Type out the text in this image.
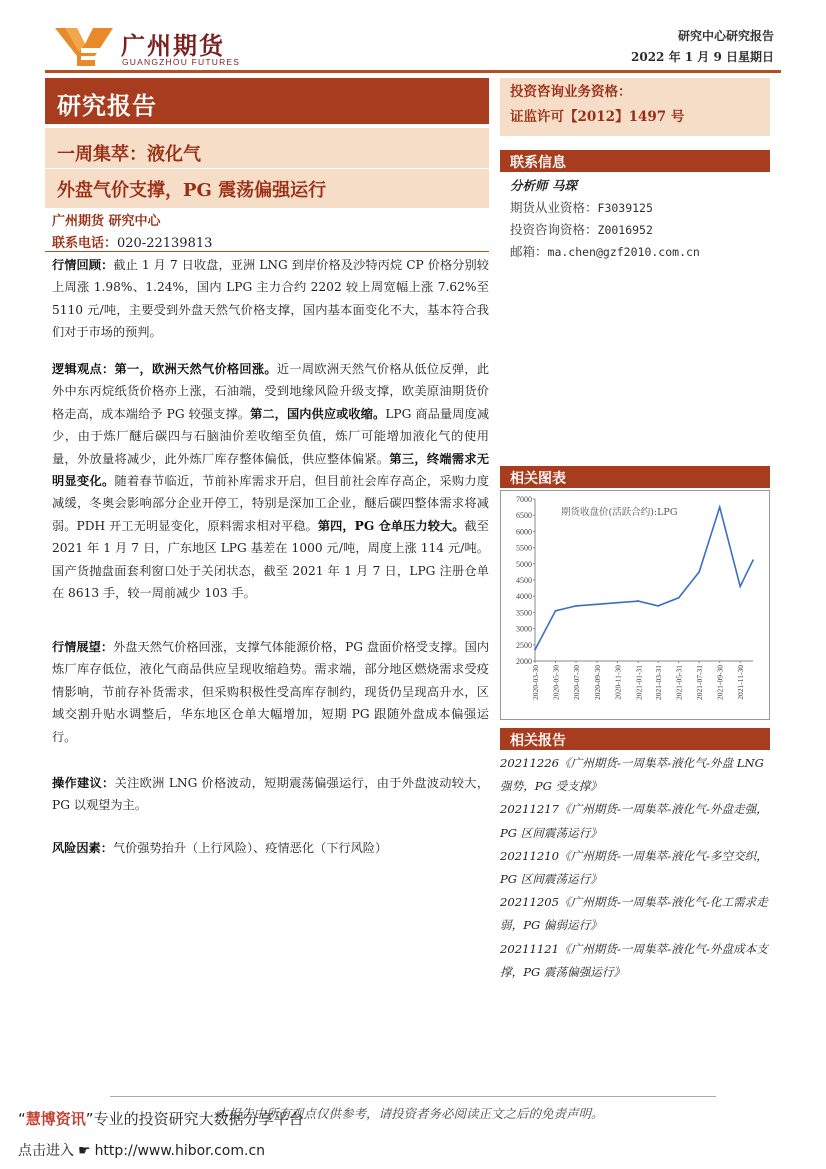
广州期货
GUANGZHOU FUTURES
研究中心研究报告
2022 年 1 月 9 日星期日
研究报告
一周集萃：液化气
外盘气价支撑，PG 震荡偏强运行
广州期货 研究中心
联系电话：020-22139813
行情回顾：截止 1 月 7 日收盘，亚洲 LNG 到岸价格及沙特丙烷 CP 价格分别较上周涨 1.98%、1.24%，国内 LPG 主力合约 2202 较上周宽幅上涨 7.62%至 5110 元/吨，主要受到外盘天然气价格支撑，国内基本面变化不大，基本符合我们对于市场的预判。
逻辑观点：第一，欧洲天然气价格回涨。近一周欧洲天然气价格从低位反弹，此外中东丙烷纸货价格亦上涨，石油端，受到地缘风险升级支撑，欧美原油期货价格走高，成本端给予 PG 较强支撑。第二，国内供应或收缩。LPG 商品量周度减少，由于炼厂醚后碳四与石脑油价差收缩至负值，炼厂可能增加液化气的使用量，外放量将减少，此外炼厂库存整体偏低，供应整体偏紧。第三，终端需求无明显变化。随着春节临近，节前补库需求开启，但目前社会库存高企，采购力度减缓，冬奥会影响部分企业开停工，特别是深加工企业，醚后碳四整体需求将减弱。PDH 开工无明显变化，原料需求相对平稳。第四，PG 仓单压力较大。截至 2021 年 1 月 7 日，广东地区 LPG 基差在 1000 元/吨，周度上涨 114 元/吨。国产货抛盘面套利窗口处于关闭状态，截至 2021 年 1 月 7 日，LPG 注册仓单在 8613 手，较一周前减少 103 手。
行情展望：外盘天然气价格回涨，支撑气体能源价格，PG 盘面价格受支撑。国内炼厂库存低位，液化气商品供应呈现收缩趋势。需求端，部分地区燃烧需求受疫情影响，节前存补货需求，但采购积极性受高库存制约，现货仍呈现高升水，区域交割升贴水调整后，华东地区仓单大幅增加，短期 PG 跟随外盘成本偏强运行。
操作建议：关注欧洲 LNG 价格波动，短期震荡偏强运行，由于外盘波动较大，PG 以观望为主。
风险因素：气价强势抬升（上行风险）、疫情恶化（下行风险）
投资咨询业务资格：
证监许可【2012】1497 号
联系信息
分析师 马琛
期货从业资格：F3039125
投资咨询资格：Z0016952
邮箱：ma.chen@gzf2010.com.cn
相关图表
2000
2500
3000
3500
4000
4500
5000
5500
6000
6500
7000
2020-03-30 2020-05-30 2020-07-30 2020-09-30 2020-11-30 2021-01-31 2021-03-31 2021-05-31 2021-07-31 2021-09-30 2021-11-30
期货收盘价(活跃合约):LPG
相关报告
20211226《广州期货-一周集萃-液化气-外盘 LNG 强势，PG 受支撑》
20211217《广州期货-一周集萃-液化气-外盘走强，PG 区间震荡运行》
20211210《广州期货-一周集萃-液化气-多空交织，PG 区间震荡运行》
20211205《广州期货-一周集萃-液化气-化工需求走弱，PG 偏弱运行》
20211121《广州期货-一周集萃-液化气-外盘成本支撑，PG 震荡偏强运行》
本报告中所有观点仅供参考，请投资者务必阅读正文之后的免责声明。
“慧博资讯”专业的投资研究大数据分享平台
点击进入 ☛ http://www.hibor.com.cn
